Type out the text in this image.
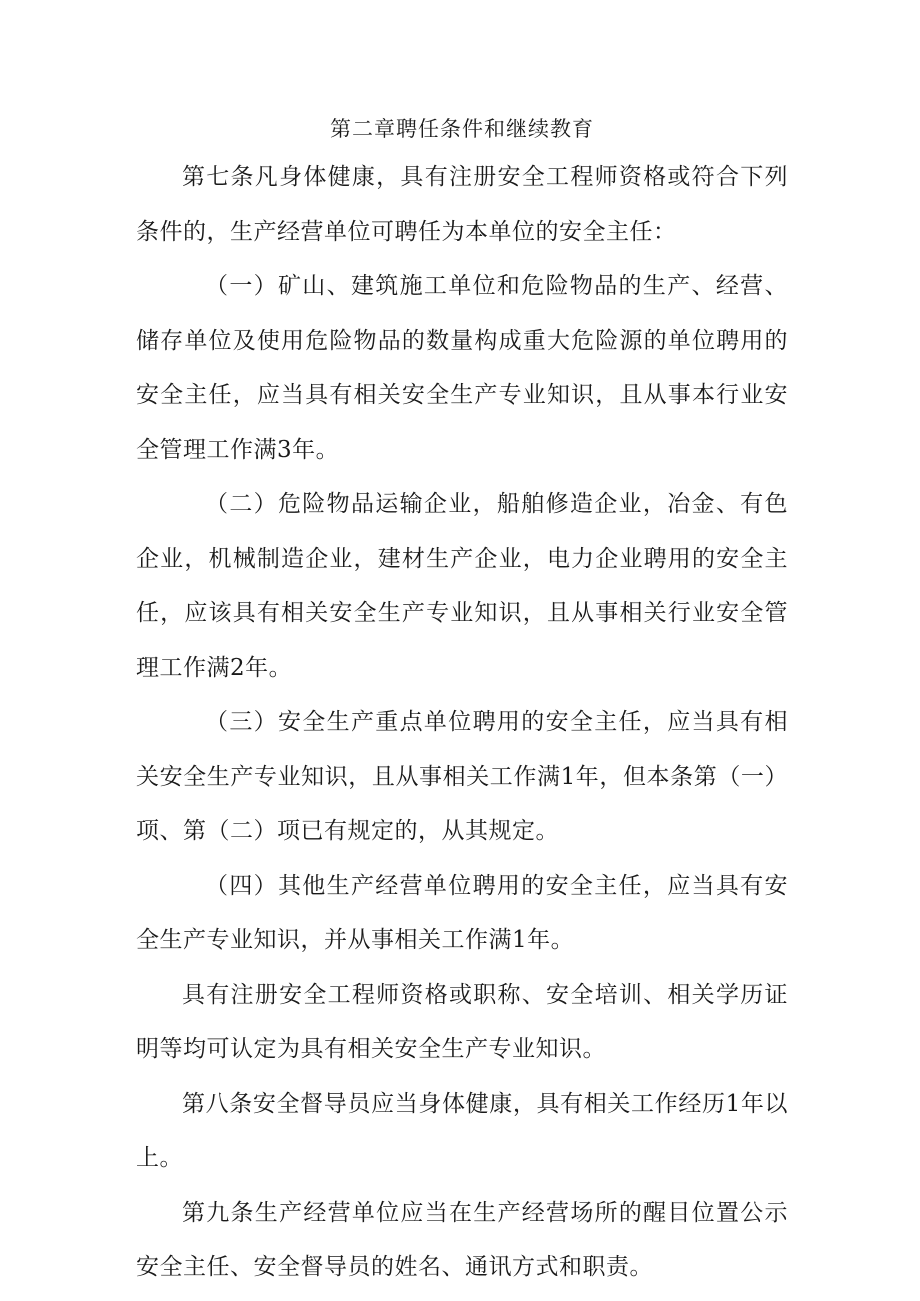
第二章聘任条件和继续教育

第七条凡身体健康，具有注册安全工程师资格或符合下列条件的，生产经营单位可聘任为本单位的安全主任：

（一）矿山、建筑施工单位和危险物品的生产、经营、储存单位及使用危险物品的数量构成重大危险源的单位聘用的安全主任，应当具有相关安全生产专业知识，且从事本行业安全管理工作满3年。

（二）危险物品运输企业，船舶修造企业，冶金、有色企业，机械制造企业，建材生产企业，电力企业聘用的安全主任，应该具有相关安全生产专业知识，且从事相关行业安全管理工作满2年。

（三）安全生产重点单位聘用的安全主任，应当具有相关安全生产专业知识，且从事相关工作满1年，但本条第（一）项、第（二）项已有规定的，从其规定。

（四）其他生产经营单位聘用的安全主任，应当具有安全生产专业知识，并从事相关工作满1年。

具有注册安全工程师资格或职称、安全培训、相关学历证明等均可认定为具有相关安全生产专业知识。

第八条安全督导员应当身体健康，具有相关工作经历1年以上。

第九条生产经营单位应当在生产经营场所的醒目位置公示安全主任、安全督导员的姓名、通讯方式和职责。
